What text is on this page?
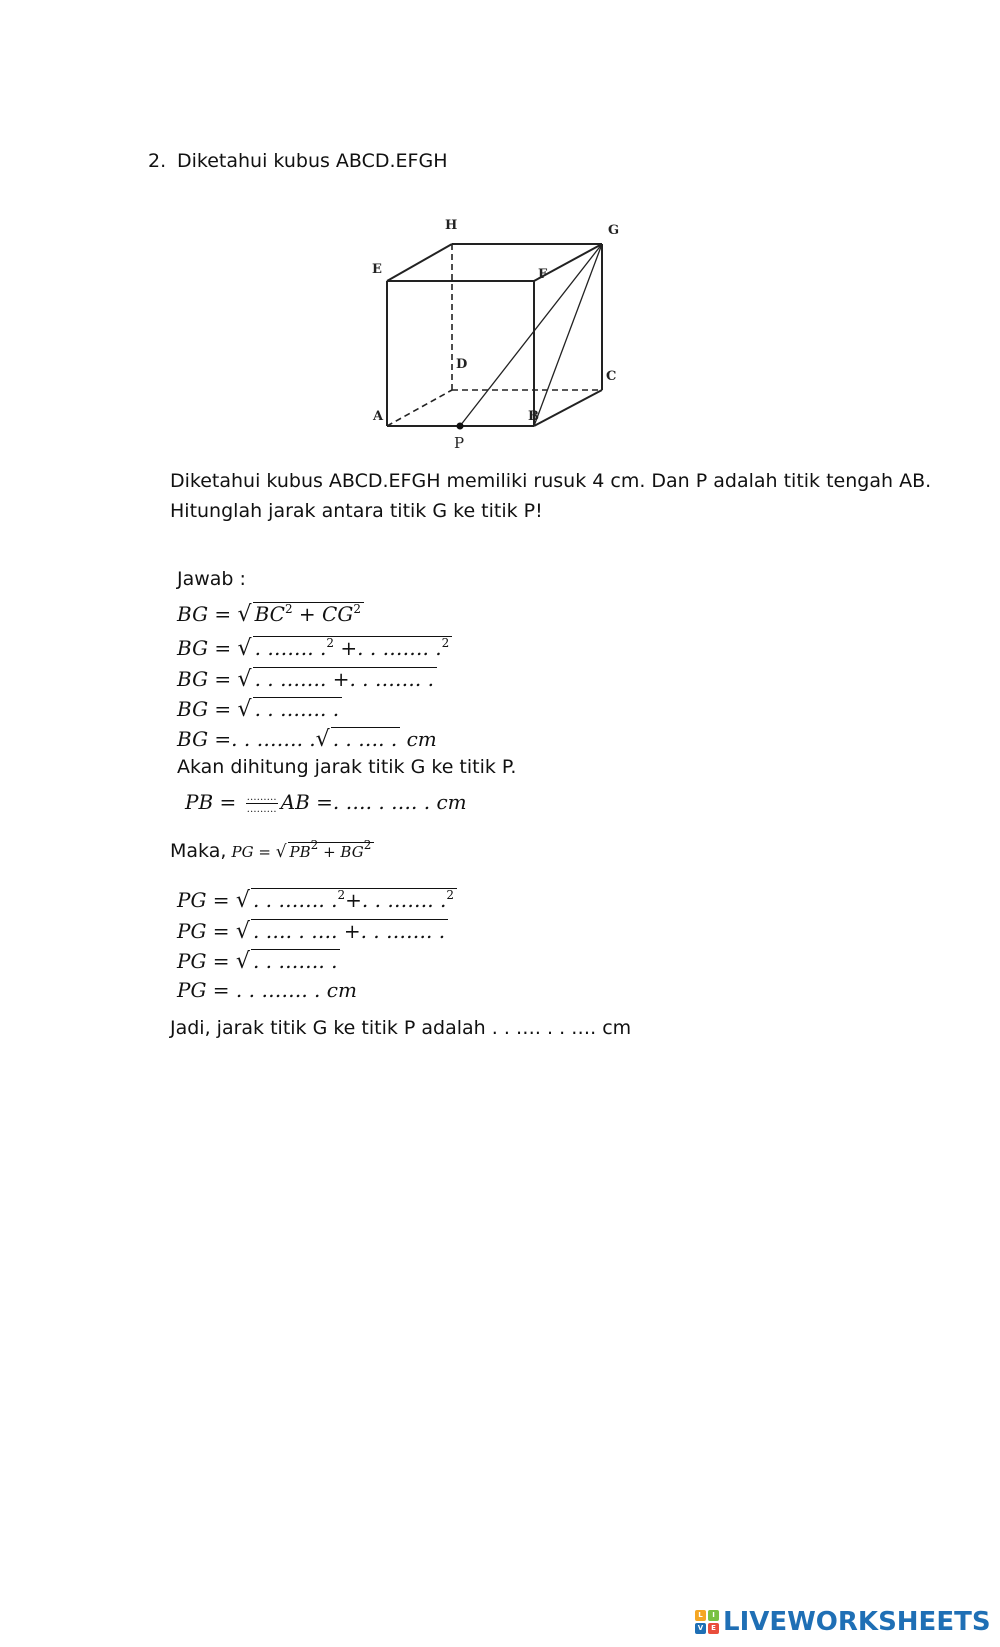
2. Diketahui kubus ABCD.EFGH
H	G
E	F
D
C
A	B
P
Diketahui kubus ABCD.EFGH memiliki rusuk 4 cm. Dan P adalah titik tengah AB.
Hitunglah jarak antara titik G ke titik P!
Jawab :
BG = √ $BC^2 + CG^2$
BG = √ . ……. .$^2$ +. . ……. .$^2$
BG = √ . . ……. +. . ……. .
BG = √ . . ……. .
BG =. . ……. .√ . . …. . cm
Akan dihitung jarak titik G ke titik P.
PB = $\frac{\dots\dots\dots}{\dots\dots\dots}$ AB =. …. . …. . cm
Maka, PG = √ $PB^2 + BG^2$
PG = √ . . ……. .$^2$+. . ……. .$^2$
PG = √ . …. . …. +. . ……. .
PG = √ . . ……. .
PG = . . ……. . cm
Jadi, jarak titik G ke titik P adalah . . …. . . …. cm
L	I
V	E LIVEWORKSHEETS
